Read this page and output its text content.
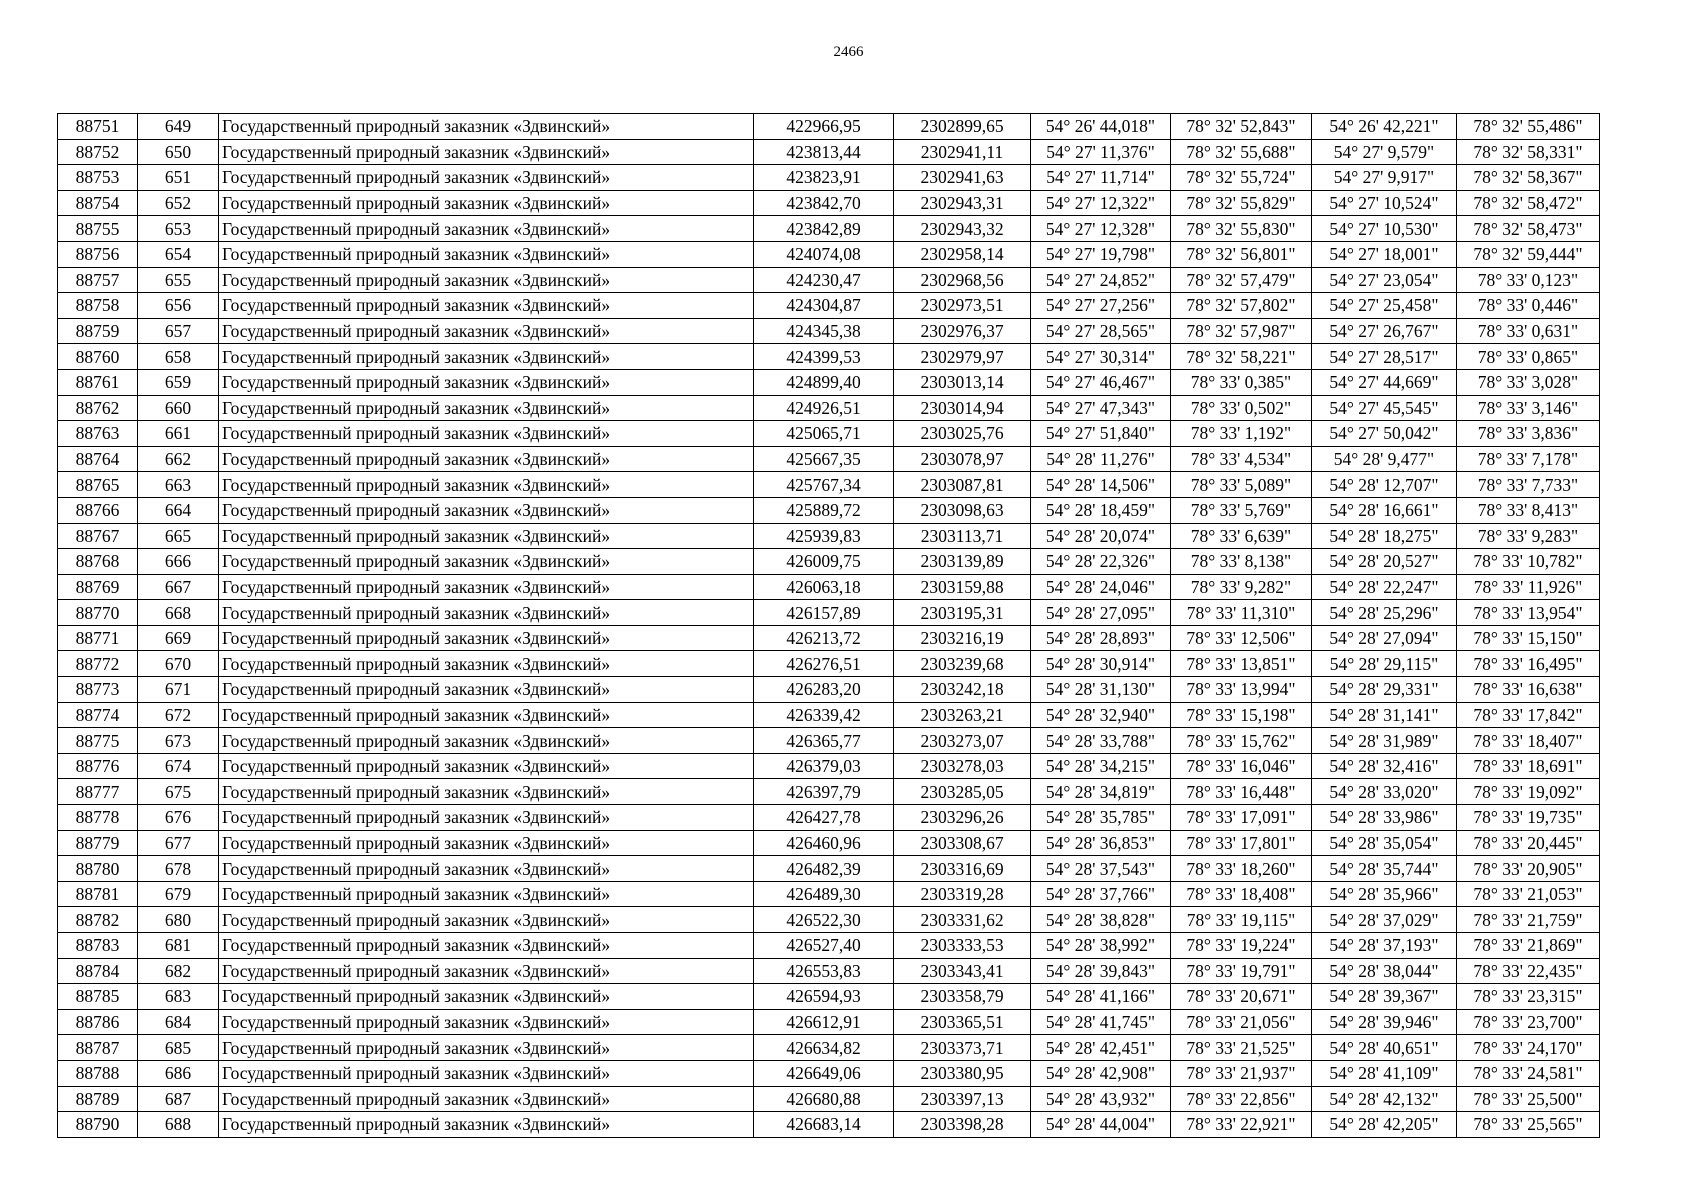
2466
88751	649	Государственный природный заказник «Здвинский»	422966,95	2302899,65	54° 26' 44,018"	78° 32' 52,843"	54° 26' 42,221"	78° 32' 55,486"
88752	650	Государственный природный заказник «Здвинский»	423813,44	2302941,11	54° 27' 11,376"	78° 32' 55,688"	54° 27' 9,579"	78° 32' 58,331"
88753	651	Государственный природный заказник «Здвинский»	423823,91	2302941,63	54° 27' 11,714"	78° 32' 55,724"	54° 27' 9,917"	78° 32' 58,367"
88754	652	Государственный природный заказник «Здвинский»	423842,70	2302943,31	54° 27' 12,322"	78° 32' 55,829"	54° 27' 10,524"	78° 32' 58,472"
88755	653	Государственный природный заказник «Здвинский»	423842,89	2302943,32	54° 27' 12,328"	78° 32' 55,830"	54° 27' 10,530"	78° 32' 58,473"
88756	654	Государственный природный заказник «Здвинский»	424074,08	2302958,14	54° 27' 19,798"	78° 32' 56,801"	54° 27' 18,001"	78° 32' 59,444"
88757	655	Государственный природный заказник «Здвинский»	424230,47	2302968,56	54° 27' 24,852"	78° 32' 57,479"	54° 27' 23,054"	78° 33' 0,123"
88758	656	Государственный природный заказник «Здвинский»	424304,87	2302973,51	54° 27' 27,256"	78° 32' 57,802"	54° 27' 25,458"	78° 33' 0,446"
88759	657	Государственный природный заказник «Здвинский»	424345,38	2302976,37	54° 27' 28,565"	78° 32' 57,987"	54° 27' 26,767"	78° 33' 0,631"
88760	658	Государственный природный заказник «Здвинский»	424399,53	2302979,97	54° 27' 30,314"	78° 32' 58,221"	54° 27' 28,517"	78° 33' 0,865"
88761	659	Государственный природный заказник «Здвинский»	424899,40	2303013,14	54° 27' 46,467"	78° 33' 0,385"	54° 27' 44,669"	78° 33' 3,028"
88762	660	Государственный природный заказник «Здвинский»	424926,51	2303014,94	54° 27' 47,343"	78° 33' 0,502"	54° 27' 45,545"	78° 33' 3,146"
88763	661	Государственный природный заказник «Здвинский»	425065,71	2303025,76	54° 27' 51,840"	78° 33' 1,192"	54° 27' 50,042"	78° 33' 3,836"
88764	662	Государственный природный заказник «Здвинский»	425667,35	2303078,97	54° 28' 11,276"	78° 33' 4,534"	54° 28' 9,477"	78° 33' 7,178"
88765	663	Государственный природный заказник «Здвинский»	425767,34	2303087,81	54° 28' 14,506"	78° 33' 5,089"	54° 28' 12,707"	78° 33' 7,733"
88766	664	Государственный природный заказник «Здвинский»	425889,72	2303098,63	54° 28' 18,459"	78° 33' 5,769"	54° 28' 16,661"	78° 33' 8,413"
88767	665	Государственный природный заказник «Здвинский»	425939,83	2303113,71	54° 28' 20,074"	78° 33' 6,639"	54° 28' 18,275"	78° 33' 9,283"
88768	666	Государственный природный заказник «Здвинский»	426009,75	2303139,89	54° 28' 22,326"	78° 33' 8,138"	54° 28' 20,527"	78° 33' 10,782"
88769	667	Государственный природный заказник «Здвинский»	426063,18	2303159,88	54° 28' 24,046"	78° 33' 9,282"	54° 28' 22,247"	78° 33' 11,926"
88770	668	Государственный природный заказник «Здвинский»	426157,89	2303195,31	54° 28' 27,095"	78° 33' 11,310"	54° 28' 25,296"	78° 33' 13,954"
88771	669	Государственный природный заказник «Здвинский»	426213,72	2303216,19	54° 28' 28,893"	78° 33' 12,506"	54° 28' 27,094"	78° 33' 15,150"
88772	670	Государственный природный заказник «Здвинский»	426276,51	2303239,68	54° 28' 30,914"	78° 33' 13,851"	54° 28' 29,115"	78° 33' 16,495"
88773	671	Государственный природный заказник «Здвинский»	426283,20	2303242,18	54° 28' 31,130"	78° 33' 13,994"	54° 28' 29,331"	78° 33' 16,638"
88774	672	Государственный природный заказник «Здвинский»	426339,42	2303263,21	54° 28' 32,940"	78° 33' 15,198"	54° 28' 31,141"	78° 33' 17,842"
88775	673	Государственный природный заказник «Здвинский»	426365,77	2303273,07	54° 28' 33,788"	78° 33' 15,762"	54° 28' 31,989"	78° 33' 18,407"
88776	674	Государственный природный заказник «Здвинский»	426379,03	2303278,03	54° 28' 34,215"	78° 33' 16,046"	54° 28' 32,416"	78° 33' 18,691"
88777	675	Государственный природный заказник «Здвинский»	426397,79	2303285,05	54° 28' 34,819"	78° 33' 16,448"	54° 28' 33,020"	78° 33' 19,092"
88778	676	Государственный природный заказник «Здвинский»	426427,78	2303296,26	54° 28' 35,785"	78° 33' 17,091"	54° 28' 33,986"	78° 33' 19,735"
88779	677	Государственный природный заказник «Здвинский»	426460,96	2303308,67	54° 28' 36,853"	78° 33' 17,801"	54° 28' 35,054"	78° 33' 20,445"
88780	678	Государственный природный заказник «Здвинский»	426482,39	2303316,69	54° 28' 37,543"	78° 33' 18,260"	54° 28' 35,744"	78° 33' 20,905"
88781	679	Государственный природный заказник «Здвинский»	426489,30	2303319,28	54° 28' 37,766"	78° 33' 18,408"	54° 28' 35,966"	78° 33' 21,053"
88782	680	Государственный природный заказник «Здвинский»	426522,30	2303331,62	54° 28' 38,828"	78° 33' 19,115"	54° 28' 37,029"	78° 33' 21,759"
88783	681	Государственный природный заказник «Здвинский»	426527,40	2303333,53	54° 28' 38,992"	78° 33' 19,224"	54° 28' 37,193"	78° 33' 21,869"
88784	682	Государственный природный заказник «Здвинский»	426553,83	2303343,41	54° 28' 39,843"	78° 33' 19,791"	54° 28' 38,044"	78° 33' 22,435"
88785	683	Государственный природный заказник «Здвинский»	426594,93	2303358,79	54° 28' 41,166"	78° 33' 20,671"	54° 28' 39,367"	78° 33' 23,315"
88786	684	Государственный природный заказник «Здвинский»	426612,91	2303365,51	54° 28' 41,745"	78° 33' 21,056"	54° 28' 39,946"	78° 33' 23,700"
88787	685	Государственный природный заказник «Здвинский»	426634,82	2303373,71	54° 28' 42,451"	78° 33' 21,525"	54° 28' 40,651"	78° 33' 24,170"
88788	686	Государственный природный заказник «Здвинский»	426649,06	2303380,95	54° 28' 42,908"	78° 33' 21,937"	54° 28' 41,109"	78° 33' 24,581"
88789	687	Государственный природный заказник «Здвинский»	426680,88	2303397,13	54° 28' 43,932"	78° 33' 22,856"	54° 28' 42,132"	78° 33' 25,500"
88790	688	Государственный природный заказник «Здвинский»	426683,14	2303398,28	54° 28' 44,004"	78° 33' 22,921"	54° 28' 42,205"	78° 33' 25,565"
